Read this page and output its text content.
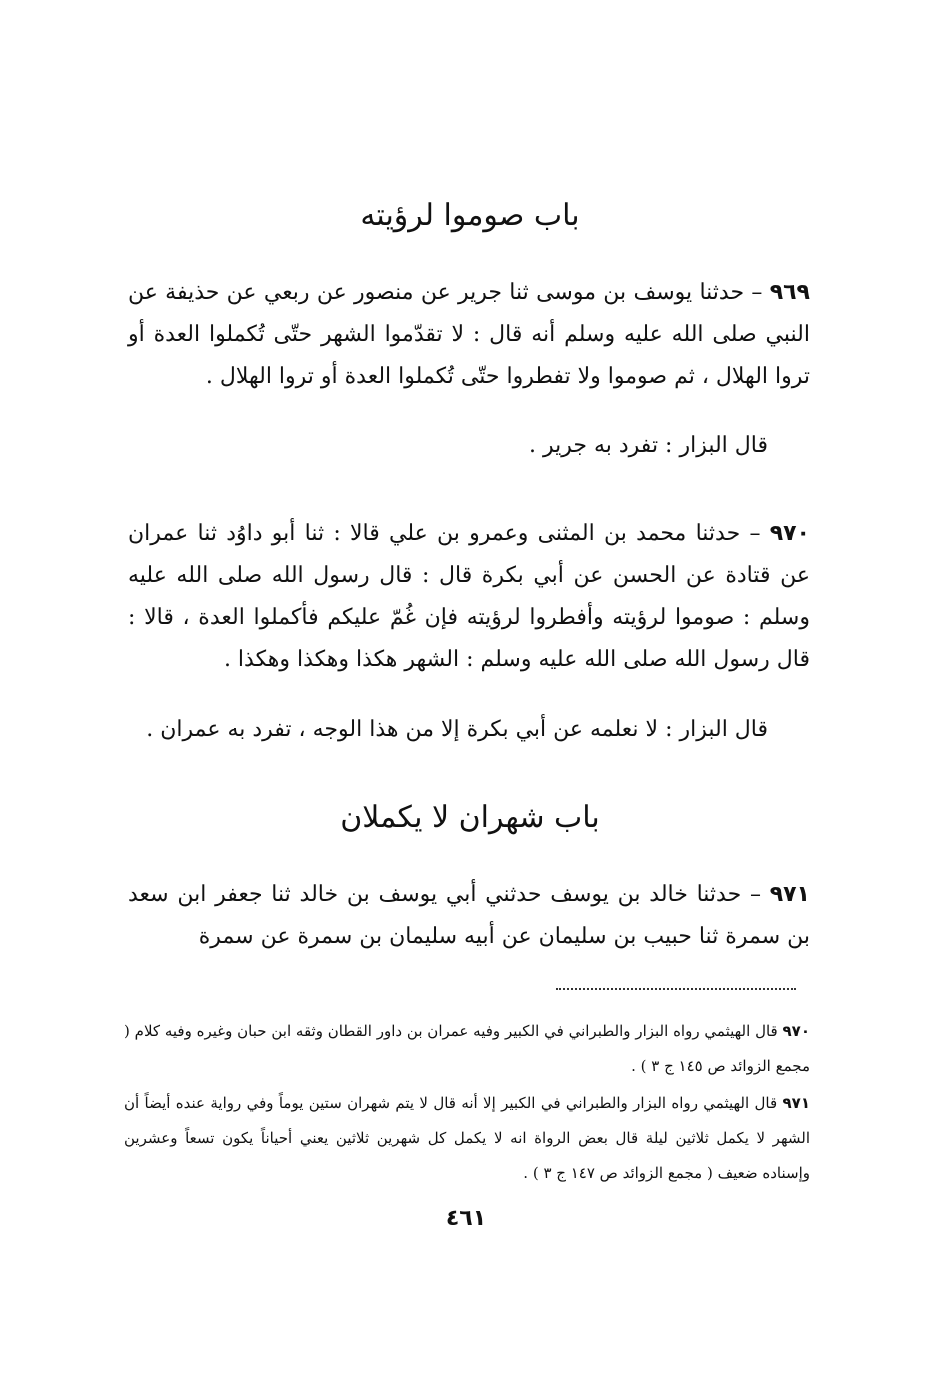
باب صوموا لرؤيته
٩٦٩ – حدثنا يوسف بن موسى ثنا جرير عن منصور عن ربعي عن حذيفة عن النبي صلى الله عليه وسلم أنه قال : لا تقدّموا الشهر حتّى تُكملوا العدة أو تروا الهلال ، ثم صوموا ولا تفطروا حتّى تُكملوا العدة أو تروا الهلال .
قال البزار : تفرد به جرير .
٩٧٠ – حدثنا محمد بن المثنى وعمرو بن علي قالا : ثنا أبو داوُد ثنا عمران عن قتادة عن الحسن عن أبي بكرة قال : قال رسول الله صلى الله عليه وسلم : صوموا لرؤيته وأفطروا لرؤيته فإن غُمّ عليكم فأكملوا العدة ، قالا : قال رسول الله صلى الله عليه وسلم : الشهر هكذا وهكذا وهكذا .
قال البزار : لا نعلمه عن أبي بكرة إلا من هذا الوجه ، تفرد به عمران .
باب شهران لا يكملان
٩٧١ – حدثنا خالد بن يوسف حدثني أبي يوسف بن خالد ثنا جعفر ابن سعد بن سمرة ثنا حبيب بن سليمان عن أبيه سليمان بن سمرة عن سمرة
٩٧٠ قال الهيثمي رواه البزار والطبراني في الكبير وفيه عمران بن داور القطان وثقه ابن حبان وغيره وفيه كلام ( مجمع الزوائد ص ١٤٥ ج ٣ ) .
٩٧١ قال الهيثمي رواه البزار والطبراني في الكبير إلا أنه قال لا يتم شهران ستين يوماً وفي رواية عنده أيضاً أن الشهر لا يكمل ثلاثين ليلة قال بعض الرواة انه لا يكمل كل شهرين ثلاثين يعني أحياناً يكون تسعاً وعشرين وإسناده ضعيف ( مجمع الزوائد ص ١٤٧ ج ٣ ) .
٤٦١
